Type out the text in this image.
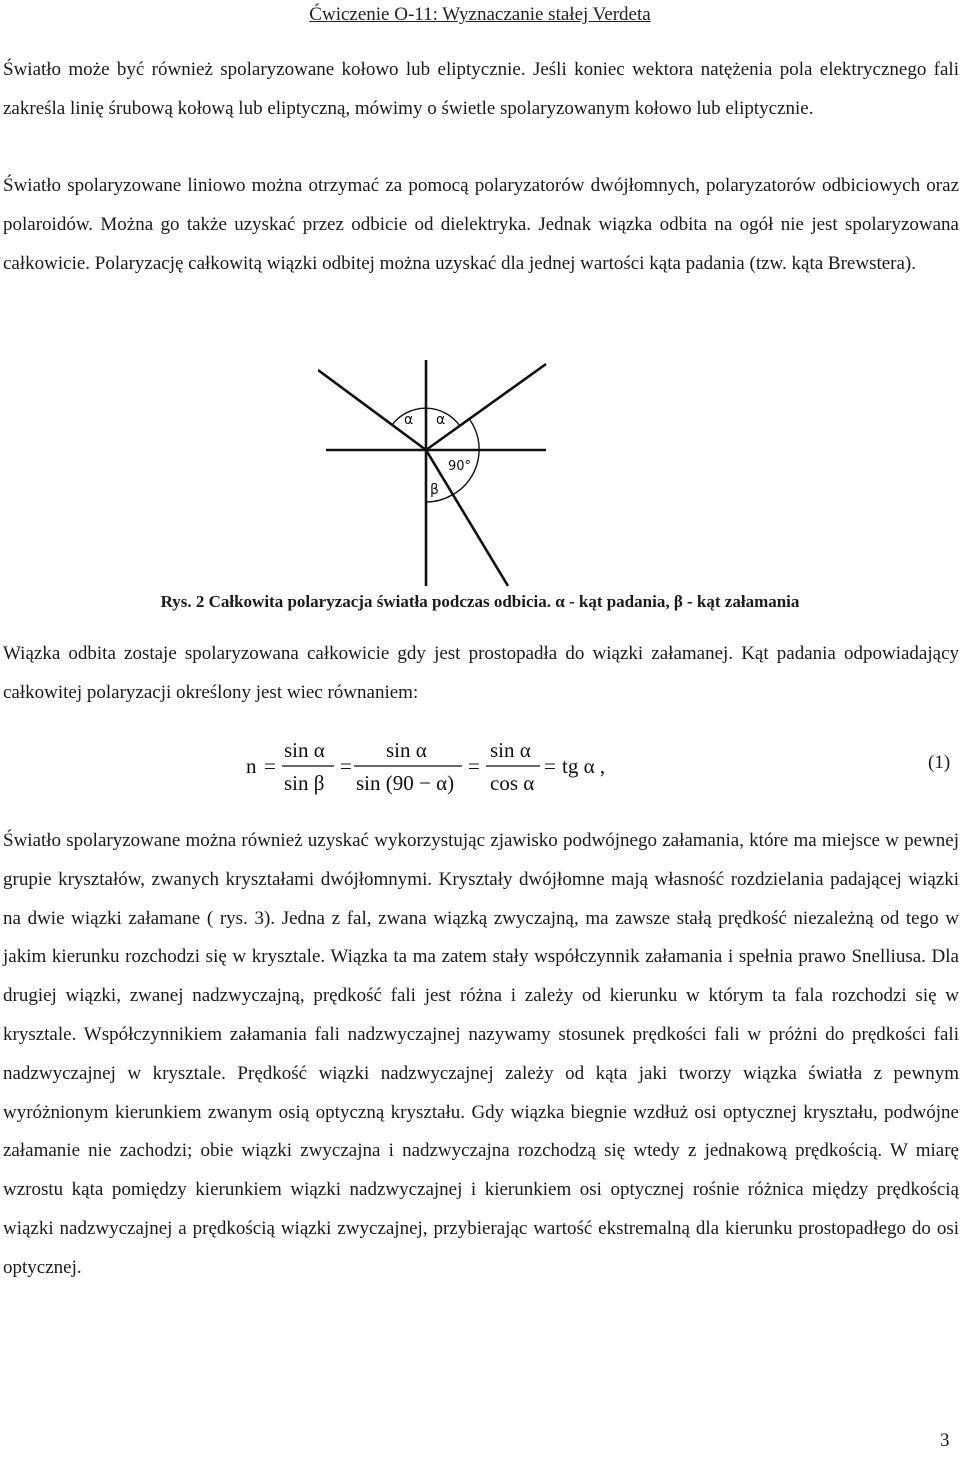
Ćwiczenie O-11: Wyznaczanie stałej Verdeta

Światło może być również spolaryzowane kołowo lub eliptycznie. Jeśli koniec wektora natężenia pola elektrycznego fali zakreśla linię śrubową kołową lub eliptyczną, mówimy o świetle spolaryzowanym kołowo lub eliptycznie.

Światło spolaryzowane liniowo można otrzymać za pomocą polaryzatorów dwójłomnych, polaryzatorów odbiciowych oraz polaroidów. Można go także uzyskać przez odbicie od dielektryka. Jednak wiązka odbita na ogół nie jest spolaryzowana całkowicie. Polaryzację całkowitą wiązki odbitej można uzyskać dla jednej wartości kąta padania (tzw. kąta Brewstera).

α α
90°
β
Rys. 2 Całkowita polaryzacja światła podczas odbicia. α - kąt padania, β - kąt załamania

Wiązka odbita zostaje spolaryzowana całkowicie gdy jest prostopadła do wiązki załamanej. Kąt padania odpowiadający całkowitej polaryzacji określony jest wiec równaniem:

n =
sin α
sin β
=
sin α
sin (90 − α)
=
sin α
cos α
= tg α ,	(1)

Światło spolaryzowane można również uzyskać wykorzystując zjawisko podwójnego załamania, które ma miejsce w pewnej grupie kryształów, zwanych kryształami dwójłomnymi. Kryształy dwójłomne mają własność rozdzielania padającej wiązki na dwie wiązki załamane ( rys. 3). Jedna z fal, zwana wiązką zwyczajną, ma zawsze stałą prędkość niezależną od tego w jakim kierunku rozchodzi się w krysztale. Wiązka ta ma zatem stały współczynnik załamania i spełnia prawo Snelliusa. Dla drugiej wiązki, zwanej nadzwyczajną, prędkość fali jest różna i zależy od kierunku w którym ta fala rozchodzi się w krysztale. Współczynnikiem załamania fali nadzwyczajnej nazywamy stosunek prędkości fali w próżni do prędkości fali nadzwyczajnej w krysztale. Prędkość wiązki nadzwyczajnej zależy od kąta jaki tworzy wiązka światła z pewnym wyróżnionym kierunkiem zwanym osią optyczną kryształu. Gdy wiązka biegnie wzdłuż osi optycznej kryształu, podwójne załamanie nie zachodzi; obie wiązki zwyczajna i nadzwyczajna rozchodzą się wtedy z jednakową prędkością. W miarę wzrostu kąta pomiędzy kierunkiem wiązki nadzwyczajnej i kierunkiem osi optycznej rośnie różnica między prędkością wiązki nadzwyczajnej a prędkością wiązki zwyczajnej, przybierając wartość ekstremalną dla kierunku prostopadłego do osi optycznej.

3
